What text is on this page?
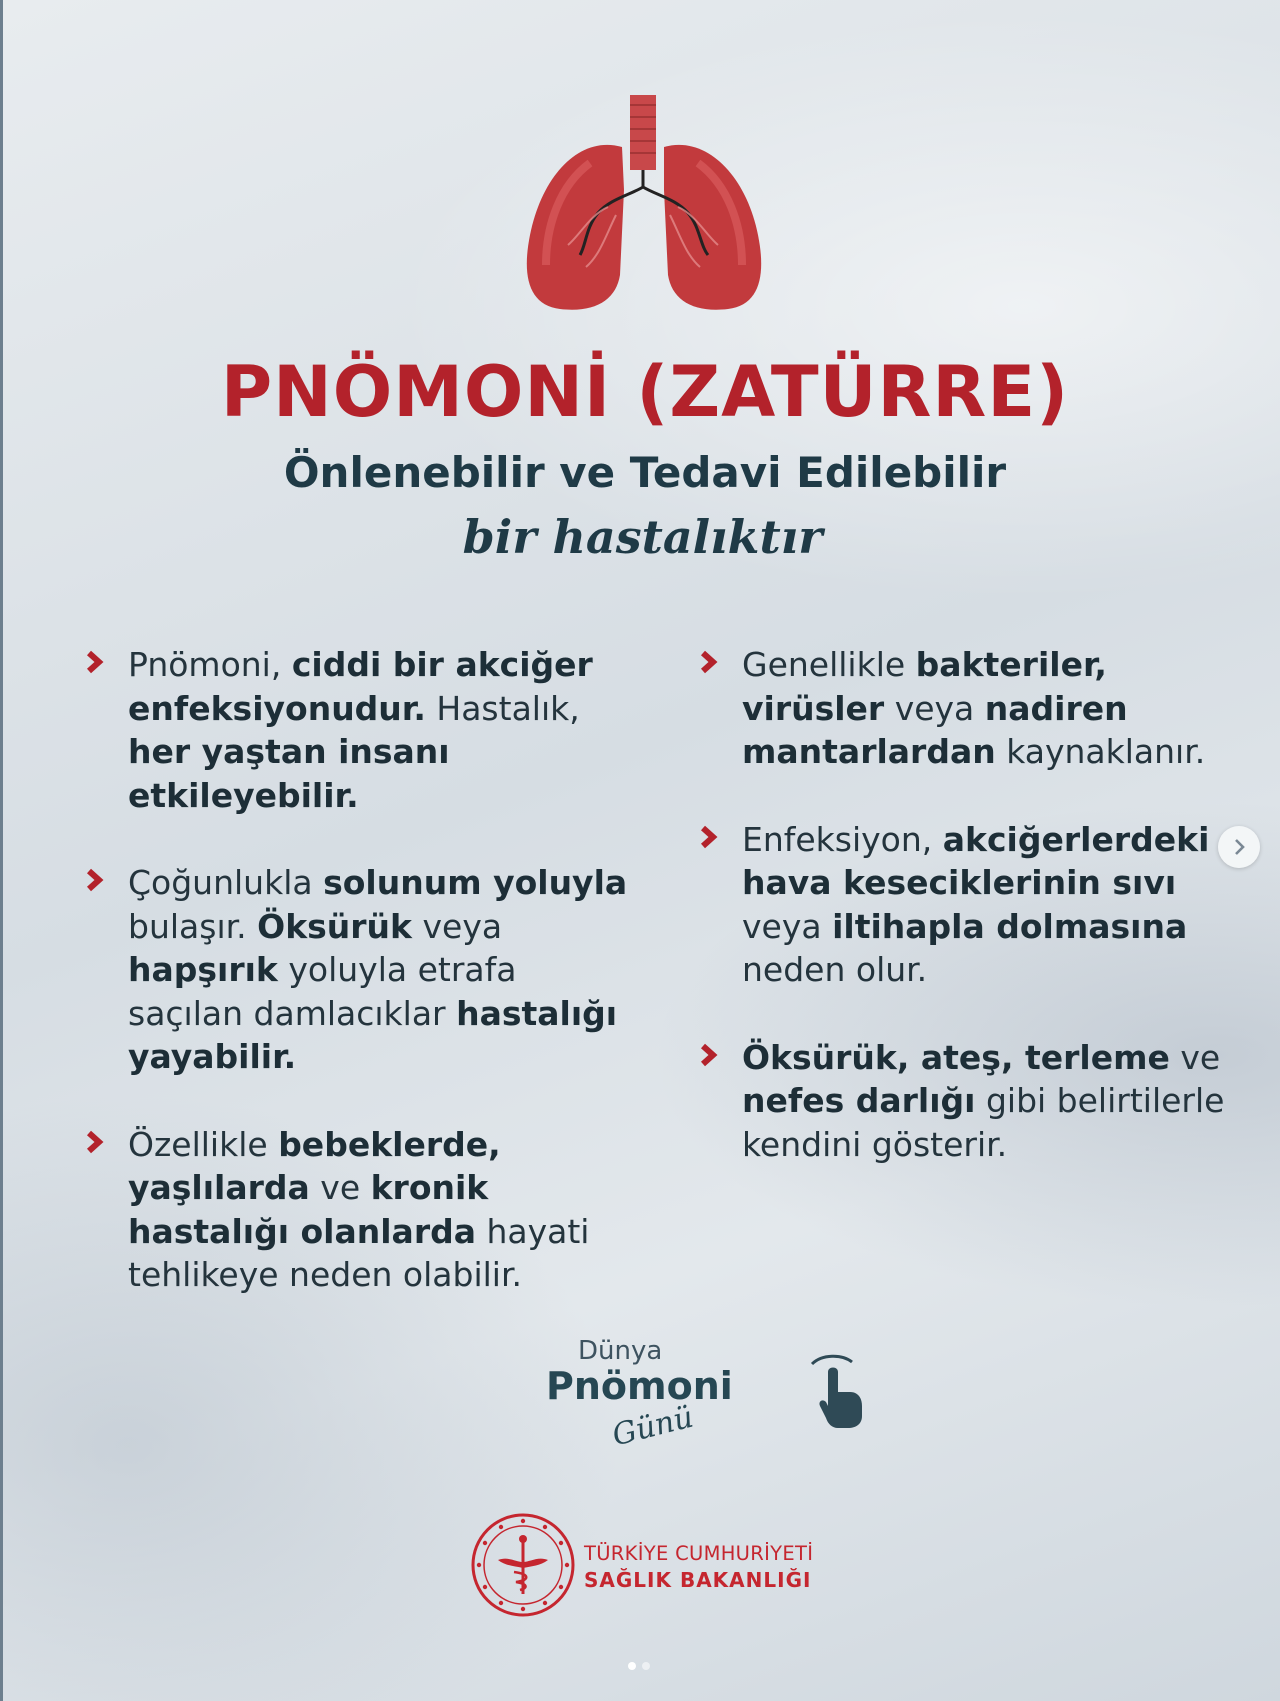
PNÖMONİ (ZATÜRRE)
Önlenebilir ve Tedavi Edilebilir
bir hastalıktır
Pnömoni, ciddi bir akciğer enfeksiyonudur. Hastalık, her yaştan insanı etkileyebilir.
Çoğunlukla solunum yoluyla bulaşır. Öksürük veya hapşırık yoluyla etrafa saçılan damlacıklar hastalığı yayabilir.
Özellikle bebeklerde, yaşlılarda ve kronik hastalığı olanlarda hayati tehlikeye neden olabilir.
Genellikle bakteriler, virüsler veya nadiren mantarlardan kaynaklanır.
Enfeksiyon, akciğerlerdeki hava keseciklerinin sıvı veya iltihapla dolmasına neden olur.
Öksürük, ateş, terleme ve nefes darlığı gibi belirtilerle kendini gösterir.
Dünya
Pnömoni
Günü
TÜRKİYE CUMHURİYETİ
SAĞLIK BAKANLIĞI
